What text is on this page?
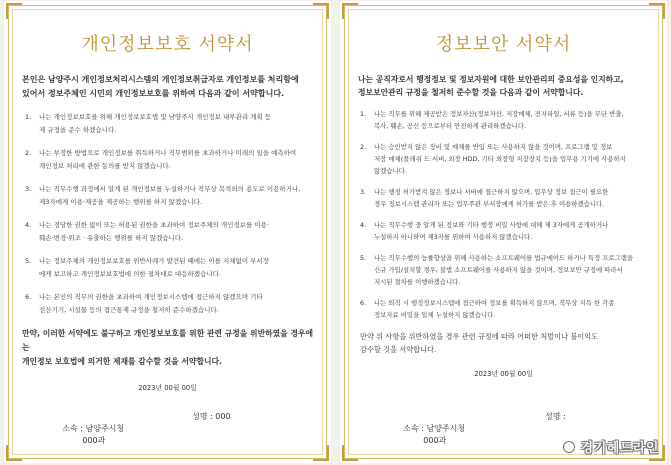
개인정보보호 서약서
본인은 남양주시 개인정보처리시스템의 개인정보취급자로 개인정보를 처리함에
있어서 정보주체인 시민의 개인정보보호를 위하여 다음과 같이 서약합니다.
1.	나는 개인정보보호를 위해 개인정보보호법 및 남양주시 개인정보 내부관리 계획 등
제 규정을 준수 하겠습니다.
2.	나는 부정한 방법으로 개인정보를 취득하거나 직무범위를 초과하거나 미래의 일을 예측하여
개인정보 처리에 관한 동의를 받지 않겠습니다.
3.	나는 직무수행 과정에서 알게 된 개인정보를 누설하거나 직무상 목적외의 용도로 이용하거나,
제3자에게 이용·제공을 제공하는 행위를 하지 않겠습니다.
4.	나는 정당한 권한 없이 또는 허용된 권한을 초과하여 정보주체의 개인정보를 이용·
훼손·변경·위조 · 유출하는 행위를 하지 않겠습니다.
5.	나는 정보주체의 개인정보보호를 위반사례가 발견된 때에는 이를 지체없이 부서장
에게 보고하고 개인정보보호법에 의한 절차대로 대응하겠습니다.
6.	나는 본인의 직무의 권한을 초과하여 개인정보시스템에 접근하지 않겠으며 기타
전산기기, 시설물 등의 접근통제 규정을 철저히 준수하겠습니다.
만약, 이러한 서약에도 불구하고 개인정보보호를 위한 관련 규정을 위반하였을 경우에는
개인정보 보호법에 의거한 제재를 감수할 것을 서약합니다.
2023년 00월 00일

소속 : 남양주시청
000과

성명 : 000
정보보안 서약서
나는 공직자로서 행정정보 및 정보자원에 대한 보안관리의 중요성을 인지하고,
정보보안관리 규정을 철저히 준수할 것을 다음과 같이 서약합니다.
1.	나는 직무를 위해 제공받은 정보자산(정보자산, 저장매체, 전자파일, 서류 등)을 무단 반출,
복사, 훼손, 공신 등으로부터 안전하게 관리하겠습니다.
2.	나는 승인받지 않은 장비 및 매체를 반입 또는 사용하지 않을 것이며, 프로그램 및 정보
저장 매체(플래쉬 드 서버, 외장 HDD, 기타 외장형 저장장치 등)을 업무용 기기에 사용하지
않겠습니다.
3.	나는 행정 허가받지 않은 정보나 서버에 접근하지 않으며, 업무상 정보 접근이 필요한
경우 정보시스템 관리자 또는 업무주관 부서장에게 허가를 받은 후 이용하겠습니다.
4.	나는 직무수행 중 알게 된 정보와 기타 행정 비밀 사항에 대해 제 3자에게 공개하거나
누설하지 아니하며 제3자를 위하여 사용하지 않겠습니다.
5.	나는 직무수행의 능률향상을 위해 사용하는 소프트웨어를 법규에이드 하거나 특정 프로그램을
신규 가입/설치할 경우, 불법 소프트웨어를 사용하지 않을 것이며, 정보보안 규정에 따라서
지시된 절차를 이행하겠습니다.
6.	나는 퇴직 시 행정정보시스템에 접근하여 정보를 획득하지 않으며, 직무상 지득 한 각종
정보자료 비밀을 일체 누설하지 않겠습니다.
만약 위 사항을 위반하였을 경우 관련 규정에 따라 어떠한 처벌이나 불이익도
감수할 것을 서약합니다.
2023년 00월 00일

소속 : 남양주시청
000과

성명 :
경기헤드라인
